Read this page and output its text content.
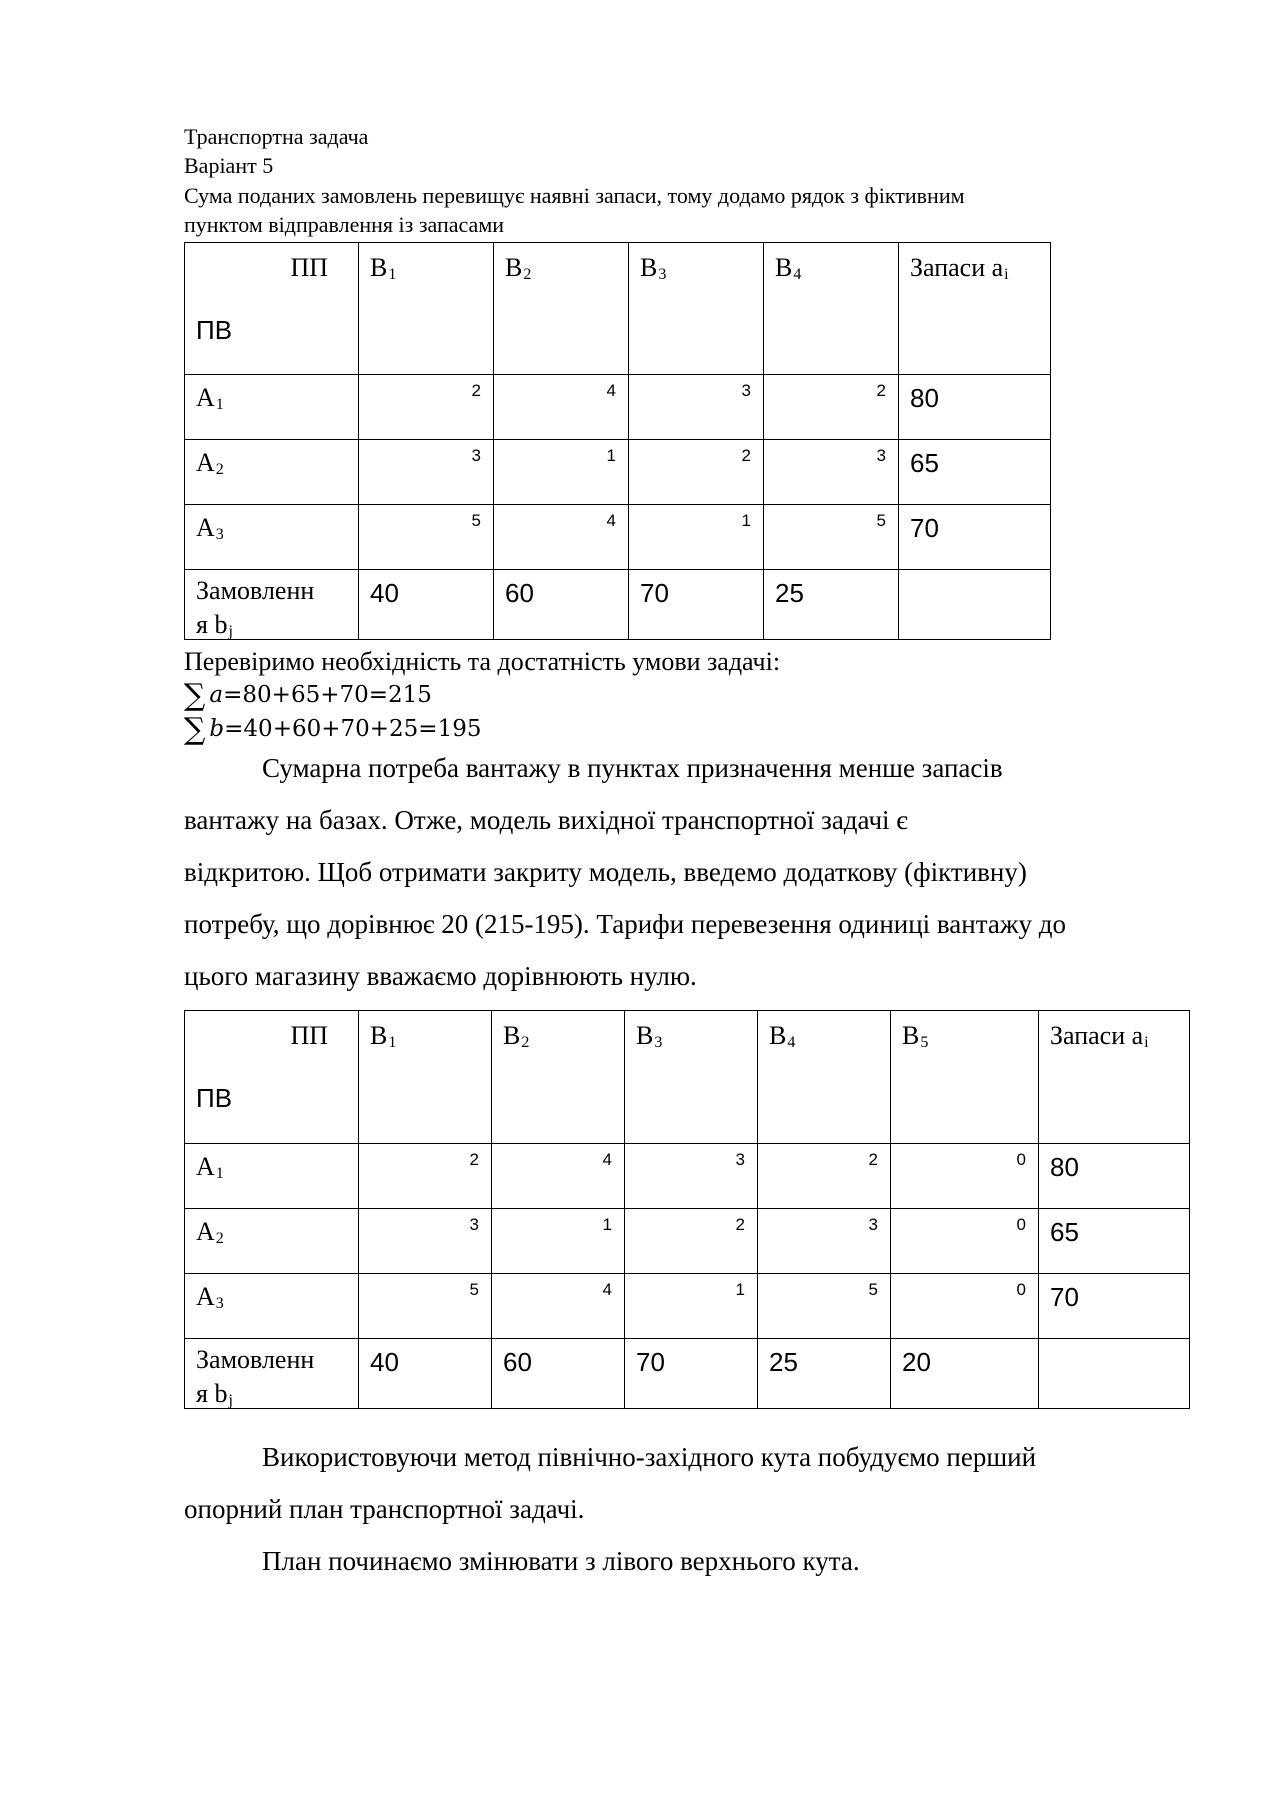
Транспортна задача
Варіант 5
Сума поданих замовлень перевищує наявні запаси, тому додамо рядок з фіктивним
пунктом відправлення із запасами
ПП
ПВ	B1	B2	B3	B4	Запаси ai

A1	2	4	3	2	80

A2	3	1	2	3	65

A3	5	4	1	5	70

Замовленн
я bj	40	60	70	25	

Перевіримо необхідність та достатність умови задачі:
∑ a=80+65+70=215
∑ b=40+60+70+25=195
Сумарна потреба вантажу в пунктах призначення менше запасів
вантажу на базах. Отже, модель вихідної транспортної задачі є
відкритою. Щоб отримати закриту модель, введемо додаткову (фіктивну)
потребу, що дорівнює 20 (215-195). Тарифи перевезення одиниці вантажу до
цього магазину вважаємо дорівнюють нулю.
ПП
ПВ	B1	B2	B3	B4	B5	Запаси ai

A1	2	4	3	2	0	80

A2	3	1	2	3	0	65

A3	5	4	1	5	0	70

Замовленн
я bj	40	60	70	25	20	

Використовуючи метод північно-західного кута побудуємо перший
опорний план транспортної задачі.
План починаємо змінювати з лівого верхнього кута.
